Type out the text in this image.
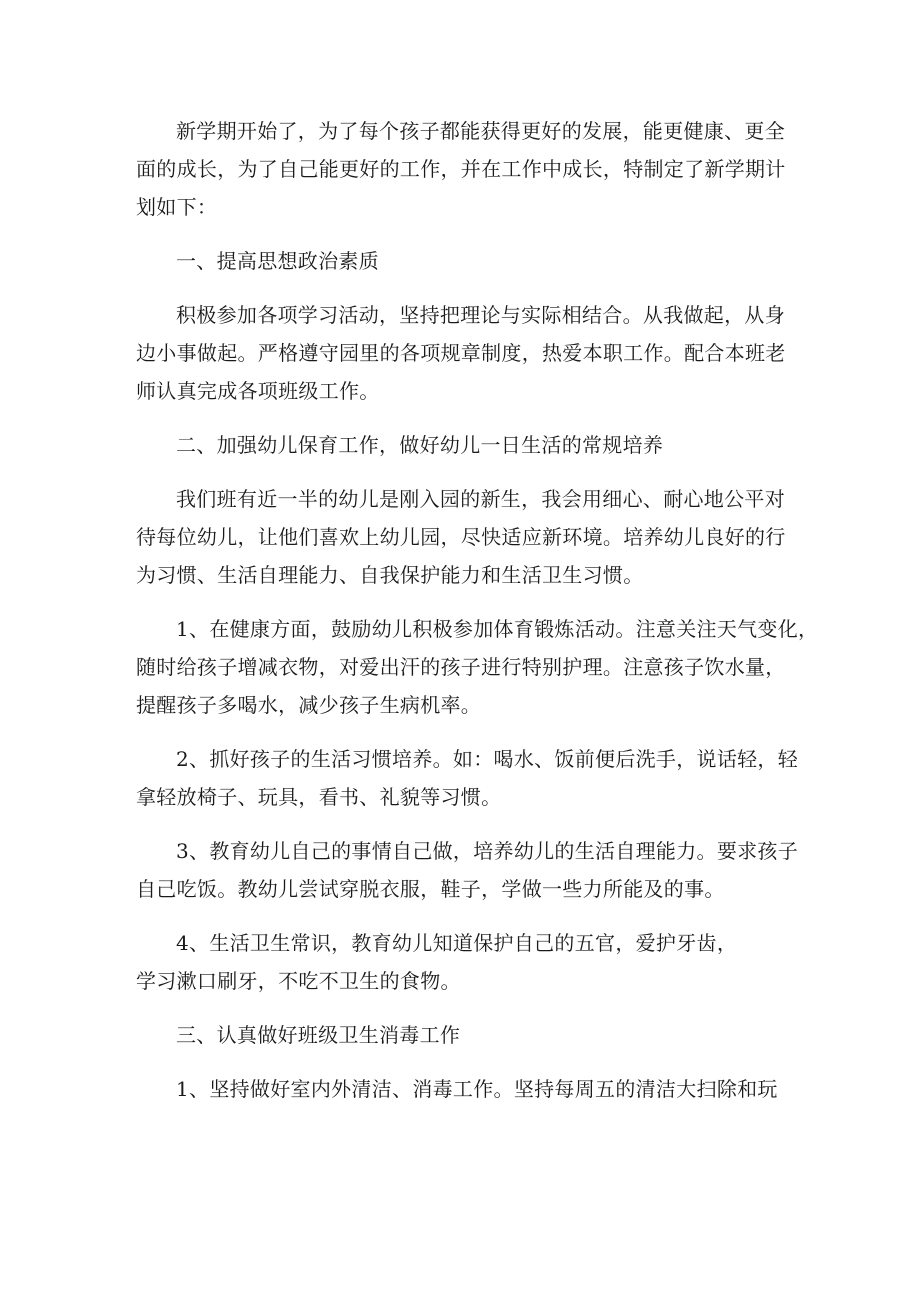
新学期开始了，为了每个孩子都能获得更好的发展，能更健康、更全
面的成长，为了自己能更好的工作，并在工作中成长，特制定了新学期计
划如下：

一、提高思想政治素质

积极参加各项学习活动，坚持把理论与实际相结合。从我做起，从身
边小事做起。严格遵守园里的各项规章制度，热爱本职工作。配合本班老
师认真完成各项班级工作。

二、加强幼儿保育工作，做好幼儿一日生活的常规培养

我们班有近一半的幼儿是刚入园的新生，我会用细心、耐心地公平对
待每位幼儿，让他们喜欢上幼儿园，尽快适应新环境。培养幼儿良好的行
为习惯、生活自理能力、自我保护能力和生活卫生习惯。

1、在健康方面，鼓励幼儿积极参加体育锻炼活动。注意关注天气变化，
随时给孩子增减衣物，对爱出汗的孩子进行特别护理。注意孩子饮水量，
提醒孩子多喝水，减少孩子生病机率。

2、抓好孩子的生活习惯培养。如：喝水、饭前便后洗手，说话轻，轻
拿轻放椅子、玩具，看书、礼貌等习惯。

3、教育幼儿自己的事情自己做，培养幼儿的生活自理能力。要求孩子
自己吃饭。教幼儿尝试穿脱衣服，鞋子，学做一些力所能及的事。

4、生活卫生常识，教育幼儿知道保护自己的五官，爱护牙齿，
学习漱口刷牙，不吃不卫生的食物。

三、认真做好班级卫生消毒工作

1、坚持做好室内外清洁、消毒工作。坚持每周五的清洁大扫除和玩
